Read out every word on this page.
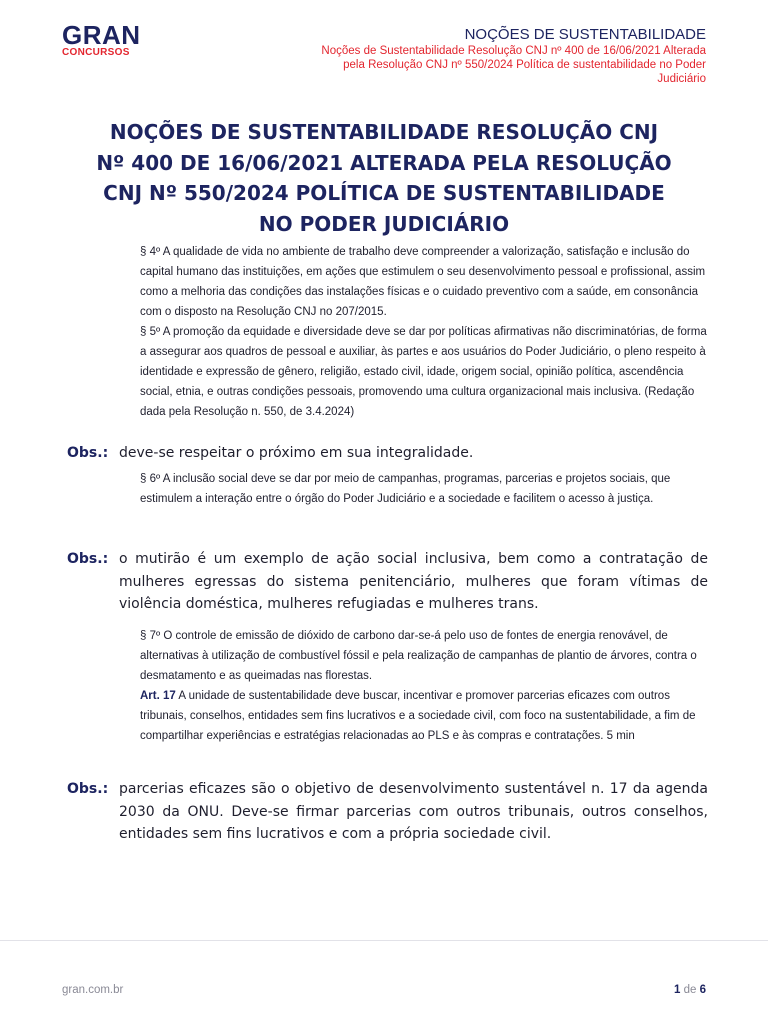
GRAN
CONCURSOS
NOÇÕES DE SUSTENTABILIDADE
Noções de Sustentabilidade Resolução CNJ nº 400 de 16/06/2021 Alterada
pela Resolução CNJ nº 550/2024 Política de sustentabilidade no Poder
Judiciário
NOÇÕES DE SUSTENTABILIDADE RESOLUÇÃO CNJ
Nº 400 DE 16/06/2021 ALTERADA PELA RESOLUÇÃO
CNJ Nº 550/2024 POLÍTICA DE SUSTENTABILIDADE
NO PODER JUDICIÁRIO

§ 4º A qualidade de vida no ambiente de trabalho deve compreender a valorização, satisfação e inclusão do capital humano das instituições, em ações que estimulem o seu desenvolvimento pessoal e profissional, assim como a melhoria das condições das instalações físicas e o cuidado preventivo com a saúde, em consonância com o disposto na Resolução CNJ no 207/2015.

§ 5º A promoção da equidade e diversidade deve se dar por políticas afirmativas não discriminatórias, de forma a assegurar aos quadros de pessoal e auxiliar, às partes e aos usuários do Poder Judiciário, o pleno respeito à identidade e expressão de gênero, religião, estado civil, idade, origem social, opinião política, ascendência social, etnia, e outras condições pessoais, promovendo uma cultura organizacional mais inclusiva. (Redação dada pela Resolução n. 550, de 3.4.2024)

Obs.: deve-se respeitar o próximo em sua integralidade.

§ 6º A inclusão social deve se dar por meio de campanhas, programas, parcerias e projetos sociais, que estimulem a interação entre o órgão do Poder Judiciário e a sociedade e facilitem o acesso à justiça.

Obs.: o mutirão é um exemplo de ação social inclusiva, bem como a contratação de mulheres egressas do sistema penitenciário, mulheres que foram vítimas de violência doméstica, mulheres refugiadas e mulheres trans.

§ 7º O controle de emissão de dióxido de carbono dar-se-á pelo uso de fontes de energia renovável, de alternativas à utilização de combustível fóssil e pela realização de campanhas de plantio de árvores, contra o desmatamento e as queimadas nas florestas.

Art. 17 A unidade de sustentabilidade deve buscar, incentivar e promover parcerias eficazes com outros tribunais, conselhos, entidades sem fins lucrativos e a sociedade civil, com foco na sustentabilidade, a fim de compartilhar experiências e estratégias relacionadas ao PLS e às compras e contratações. 5 min

Obs.: parcerias eficazes são o objetivo de desenvolvimento sustentável n. 17 da agenda 2030 da ONU. Deve-se firmar parcerias com outros tribunais, outros conselhos, entidades sem fins lucrativos e com a própria sociedade civil.
gran.com.br	1 de 6
